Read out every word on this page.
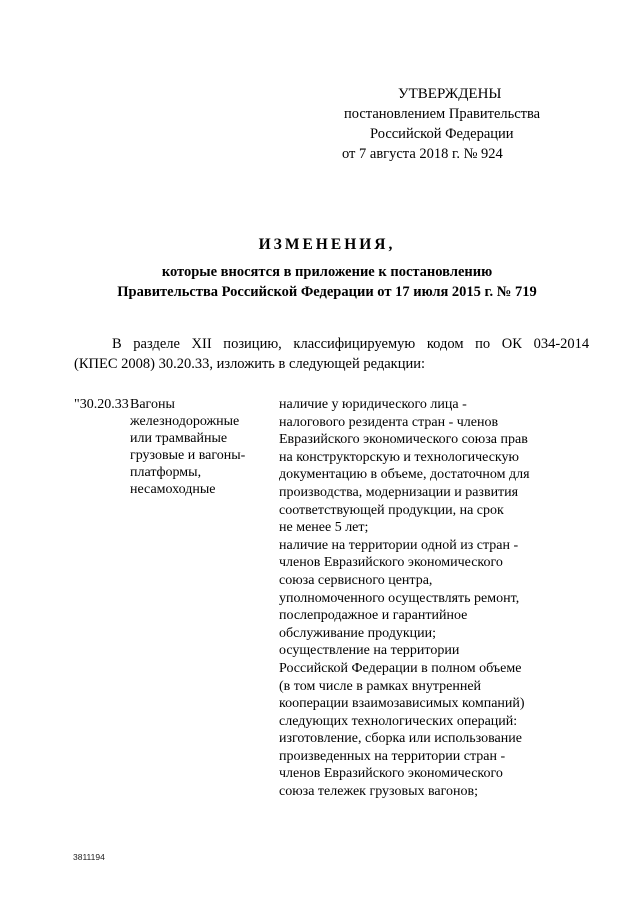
УТВЕРЖДЕНЫ
постановлением Правительства
Российской Федерации
от 7 августа 2018 г. № 924
ИЗМЕНЕНИЯ,
которые вносятся в приложение к постановлению
Правительства Российской Федерации от 17 июля 2015 г. № 719
В разделе XII позицию, классифицируемую кодом по ОК 034-2014
(КПЕС 2008) 30.20.33, изложить в следующей редакции:
"30.20.33 Вагоны
железнодорожные
или трамвайные
грузовые и вагоны-
платформы,
несамоходные
наличие у юридического лица -
налогового резидента стран - членов
Евразийского экономического союза прав
на конструкторскую и технологическую
документацию в объеме, достаточном для
производства, модернизации и развития
соответствующей продукции, на срок
не менее 5 лет;
наличие на территории одной из стран -
членов Евразийского экономического
союза сервисного центра,
уполномоченного осуществлять ремонт,
послепродажное и гарантийное
обслуживание продукции;
осуществление на территории
Российской Федерации в полном объеме
(в том числе в рамках внутренней
кооперации взаимозависимых компаний)
следующих технологических операций:
изготовление, сборка или использование
произведенных на территории стран -
членов Евразийского экономического
союза тележек грузовых вагонов;
3811194
